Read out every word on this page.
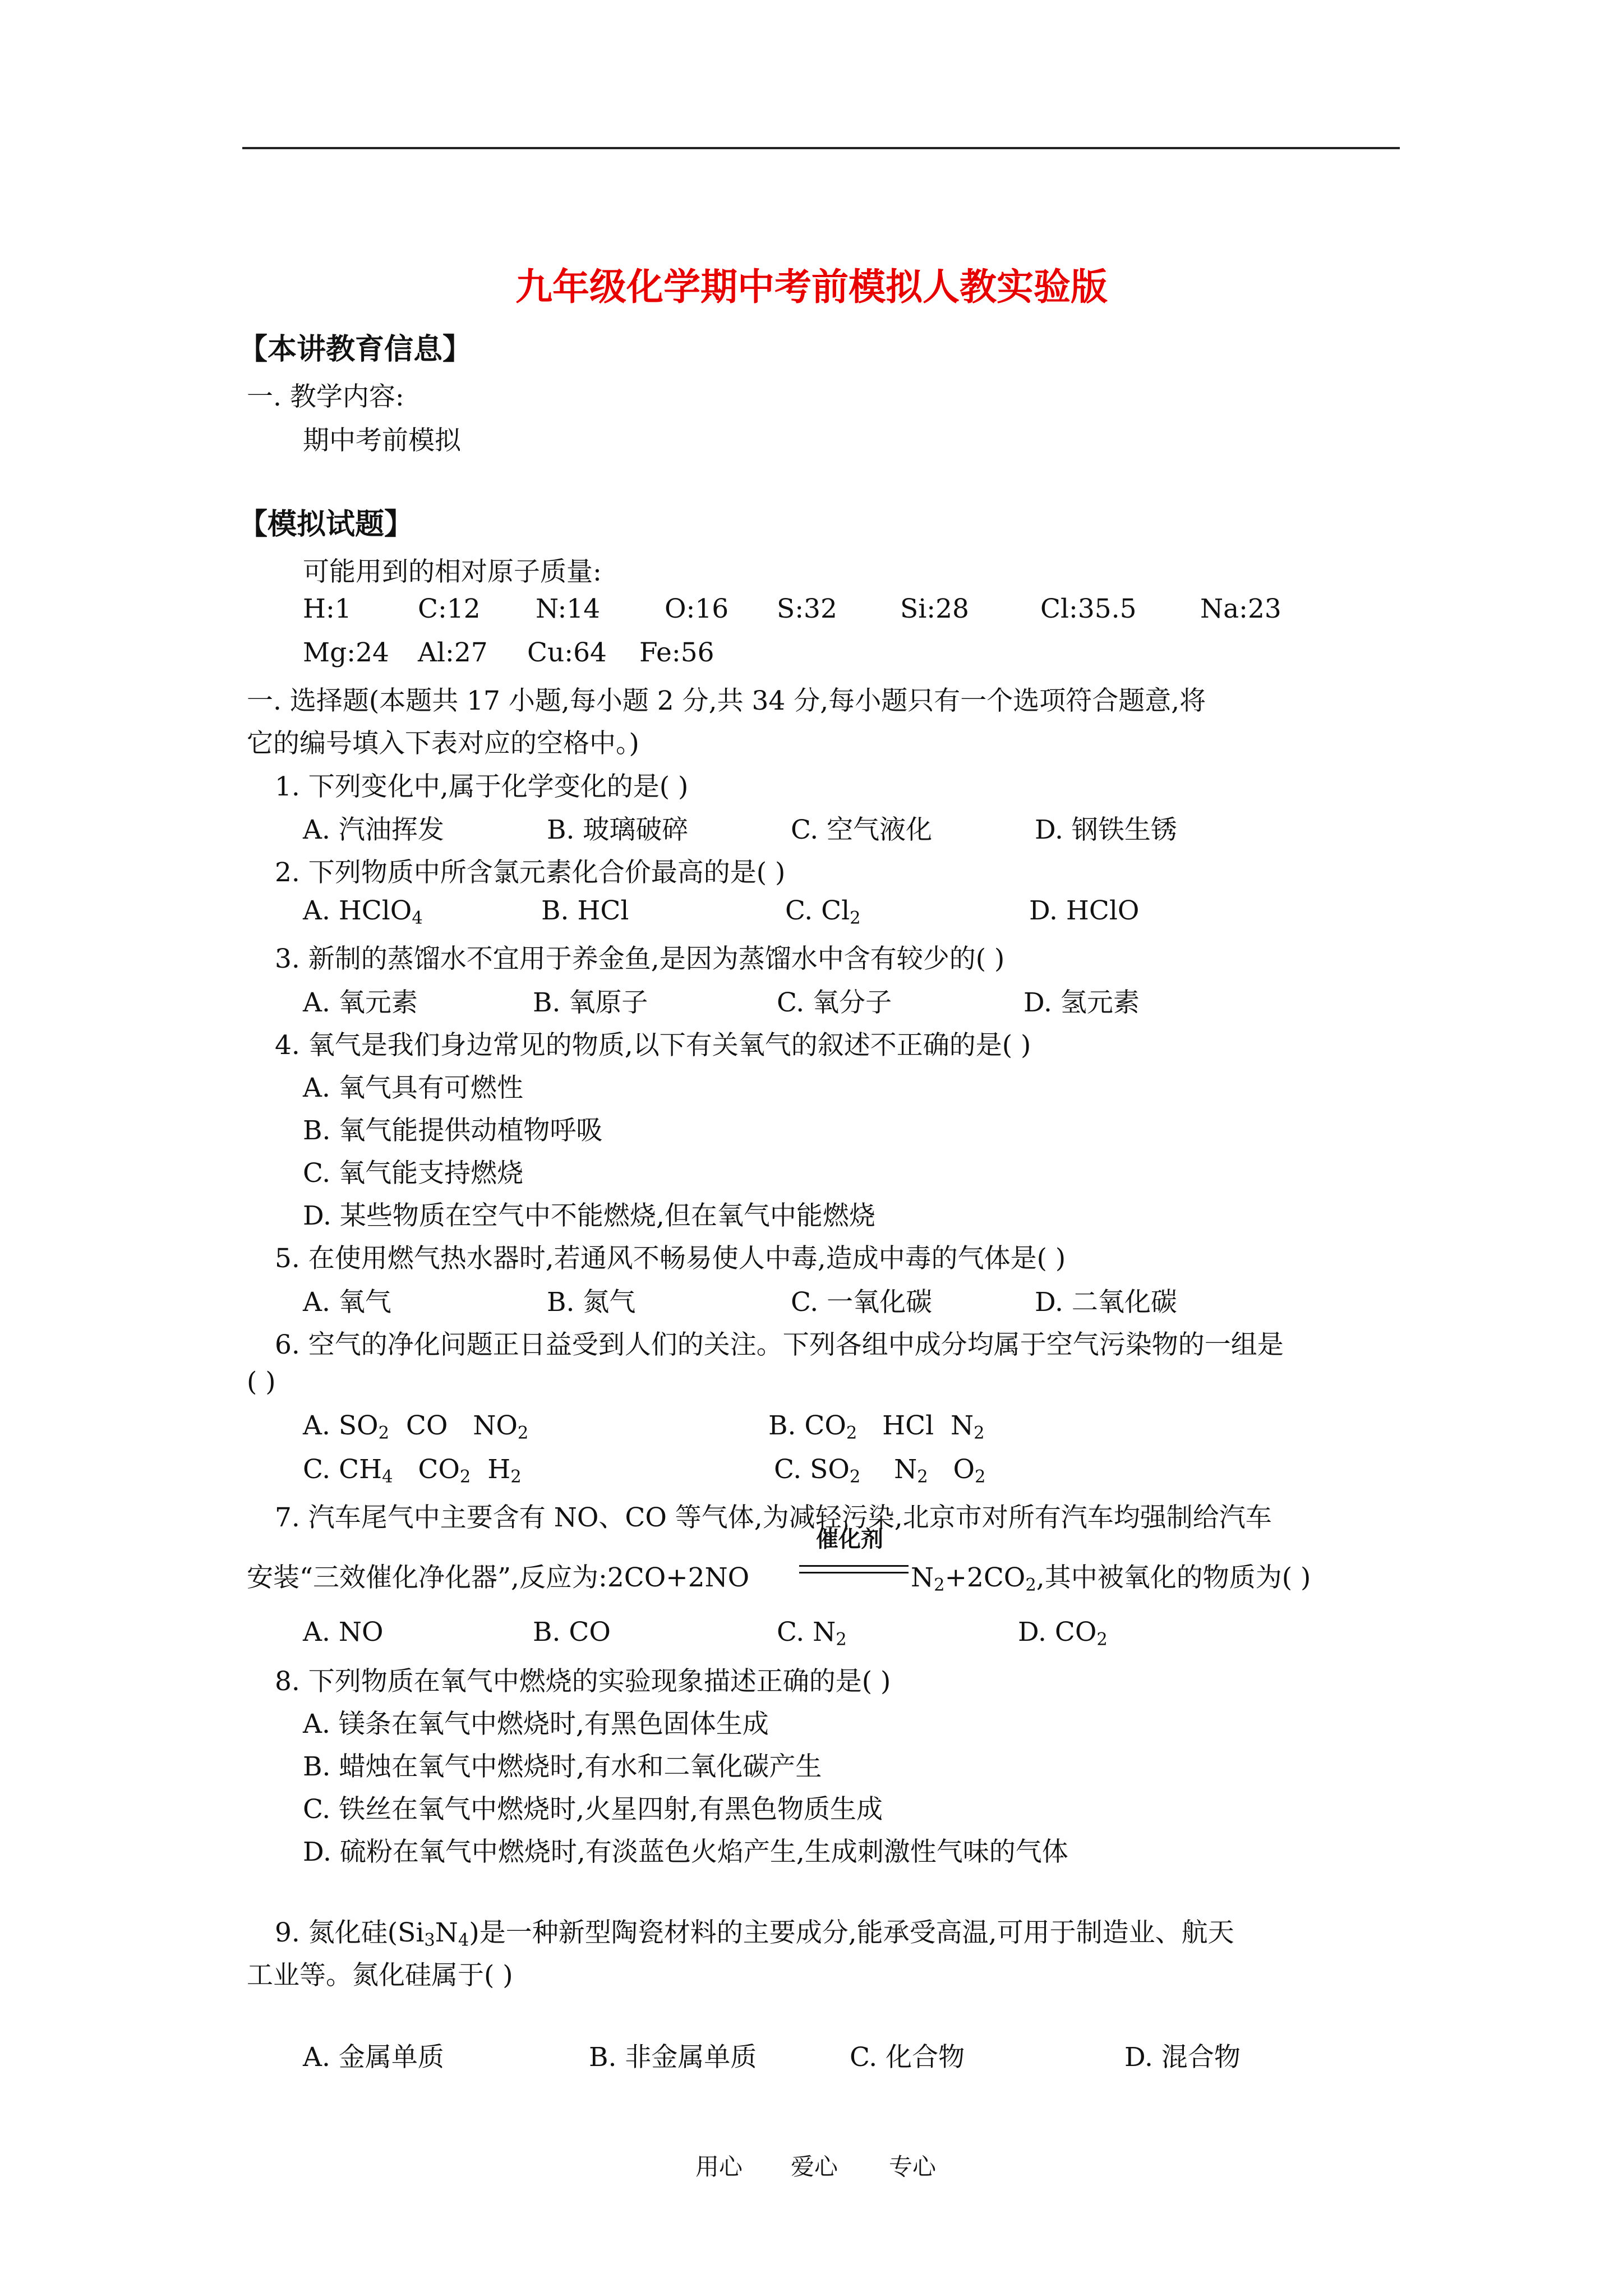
九年级化学期中考前模拟人教实验版
【本讲教育信息】
一. 教学内容:
期中考前模拟
【模拟试题】
可能用到的相对原子质量:
H:1	C:12 N:14 O:16 S:32 Si:28	Cl:35.5 Na:23
Mg:24 Al:27 Cu:64 Fe:56
一. 选择题(本题共 17 小题,每小题 2 分,共 34 分,每小题只有一个选项符合题意,将
它的编号填入下表对应的空格中。)
1. 下列变化中,属于化学变化的是( )
A. 汽油挥发	B. 玻璃破碎	C. 空气液化	D. 钢铁生锈
2. 下列物质中所含氯元素化合价最高的是( )
A. HClO$_4$	B. HCl	C. $Cl_2$	D. HClO
3. 新制的蒸馏水不宜用于养金鱼,是因为蒸馏水中含有较少的( )
A. 氧元素	B. 氧原子	C. 氧分子	D. 氢元素
4. 氧气是我们身边常见的物质,以下有关氧气的叙述不正确的是( )
A. 氧气具有可燃性
B. 氧气能提供动植物呼吸
C. 氧气能支持燃烧
D. 某些物质在空气中不能燃烧,但在氧气中能燃烧
5. 在使用燃气热水器时,若通风不畅易使人中毒,造成中毒的气体是( )
A. 氧气	B. 氮气	C. 一氧化碳	D. 二氧化碳
6. 空气的净化问题正日益受到人们的关注。下列各组中成分均属于空气污染物的一组是
( )
A. $SO_2$  CO   $NO_2$	B. $CO_2$   HCl  $N_2$
C. $CH_4$   $CO_2$  $H_2$	C. $SO_2$    $N_2$   $O_2$
7. 汽车尾气中主要含有 NO、CO 等气体,为减轻污染,北京市对所有汽车均强制给汽车
安装“三效催化净化器”,反应为:2CO+2NO
催化剂
$N_2+2CO_2$,其中被氧化的物质为( )
A. NO	B. CO	C. $N_2$	D. $CO_2$
8. 下列物质在氧气中燃烧的实验现象描述正确的是( )
A. 镁条在氧气中燃烧时,有黑色固体生成
B. 蜡烛在氧气中燃烧时,有水和二氧化碳产生
C. 铁丝在氧气中燃烧时,火星四射,有黑色物质生成
D. 硫粉在氧气中燃烧时,有淡蓝色火焰产生,生成刺激性气味的气体
9. 氮化硅$(Si_3N_4)$是一种新型陶瓷材料的主要成分,能承受高温,可用于制造业、航天
工业等。氮化硅属于( )
A. 金属单质	B. 非金属单质	C. 化合物	D. 混合物
用心 爱心 专心
